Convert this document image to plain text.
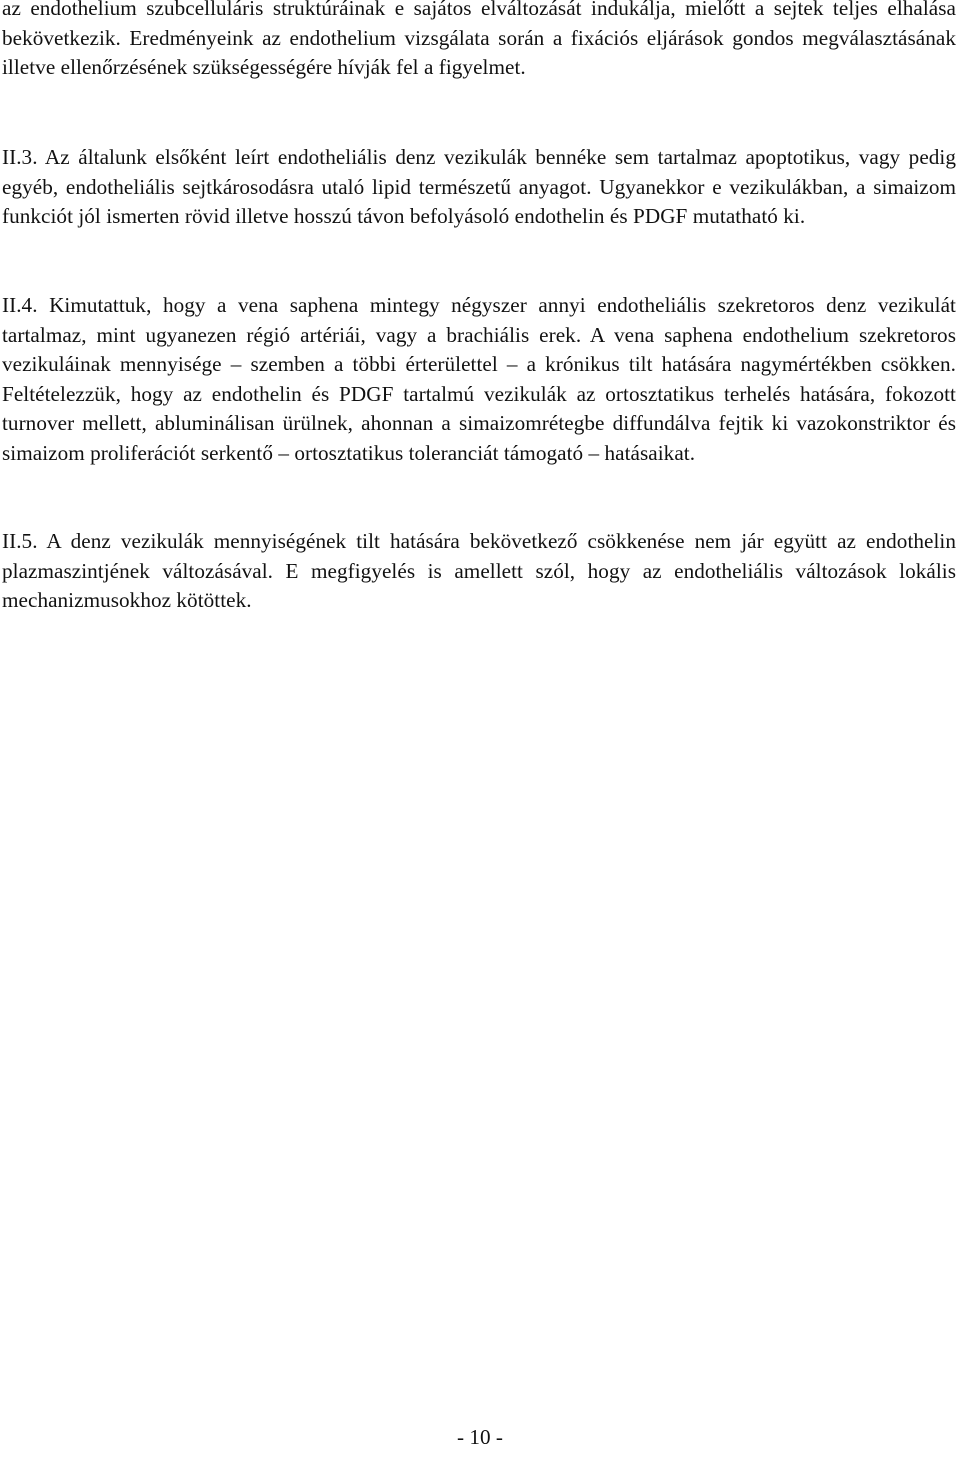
az endothelium szubcelluláris struktúráinak e sajátos elváltozását indukálja, mielőtt a sejtek teljes elhalása bekövetkezik. Eredményeink az endothelium vizsgálata során a fixációs eljárások gondos megválasztásának illetve ellenőrzésének szükségességére hívják fel a figyelmet.

II.3. Az általunk elsőként leírt endotheliális denz vezikulák bennéke sem tartalmaz apoptotikus, vagy pedig egyéb, endotheliális sejtkárosodásra utaló lipid természetű anyagot. Ugyanekkor e vezikulákban, a simaizom funkciót jól ismerten rövid illetve hosszú távon befolyásoló endothelin és PDGF mutatható ki.

II.4. Kimutattuk, hogy a vena saphena mintegy négyszer annyi endotheliális szekretoros denz vezikulát tartalmaz, mint ugyanezen régió artériái, vagy a brachiális erek. A vena saphena endothelium szekretoros vezikuláinak mennyisége – szemben a többi érterülettel – a krónikus tilt hatására nagymértékben csökken. Feltételezzük, hogy az endothelin és PDGF tartalmú vezikulák az ortosztatikus terhelés hatására, fokozott turnover mellett, abluminálisan ürülnek, ahonnan a simaizomrétegbe diffundálva fejtik ki vazokonstriktor és simaizom proliferációt serkentő – ortosztatikus toleranciát támogató – hatásaikat.

II.5. A denz vezikulák mennyiségének tilt hatására bekövetkező csökkenése nem jár együtt az endothelin plazmaszintjének változásával. E megfigyelés is amellett szól, hogy az endotheliális változások lokális mechanizmusokhoz kötöttek.

- 10 -
